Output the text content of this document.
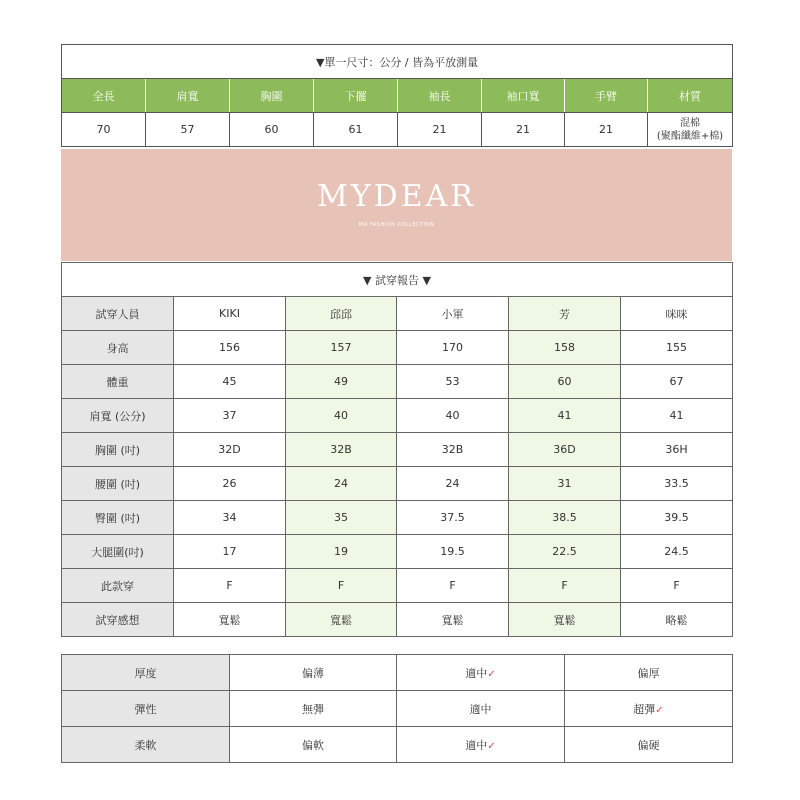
▼單一尺寸：公分 / 皆為平放測量							
全長	肩寬	胸圍	下擺	袖長	袖口寬	手臂	材質
70	57	60	61	21	21	21	混棉
(聚酯纖維+棉)
MYDEAR
MD FASHION COLLECTION
▼ 試穿報告 ▼					
試穿人員	KIKI	邱邱	小軍	芳	咪咪
身高	156	157	170	158	155
體重	45	49	53	60	67
肩寬 (公分)	37	40	40	41	41
胸圍 (吋)	32D	32B	32B	36D	36H
腰圍 (吋)	26	24	24	31	33.5
臀圍 (吋)	34	35	37.5	38.5	39.5
大腿圍(吋)	17	19	19.5	22.5	24.5
此款穿	F	F	F	F	F
試穿感想	寬鬆	寬鬆	寬鬆	寬鬆	略鬆
厚度	偏薄	適中✓	偏厚
彈性	無彈	適中	超彈✓
柔軟	偏軟	適中✓	偏硬
